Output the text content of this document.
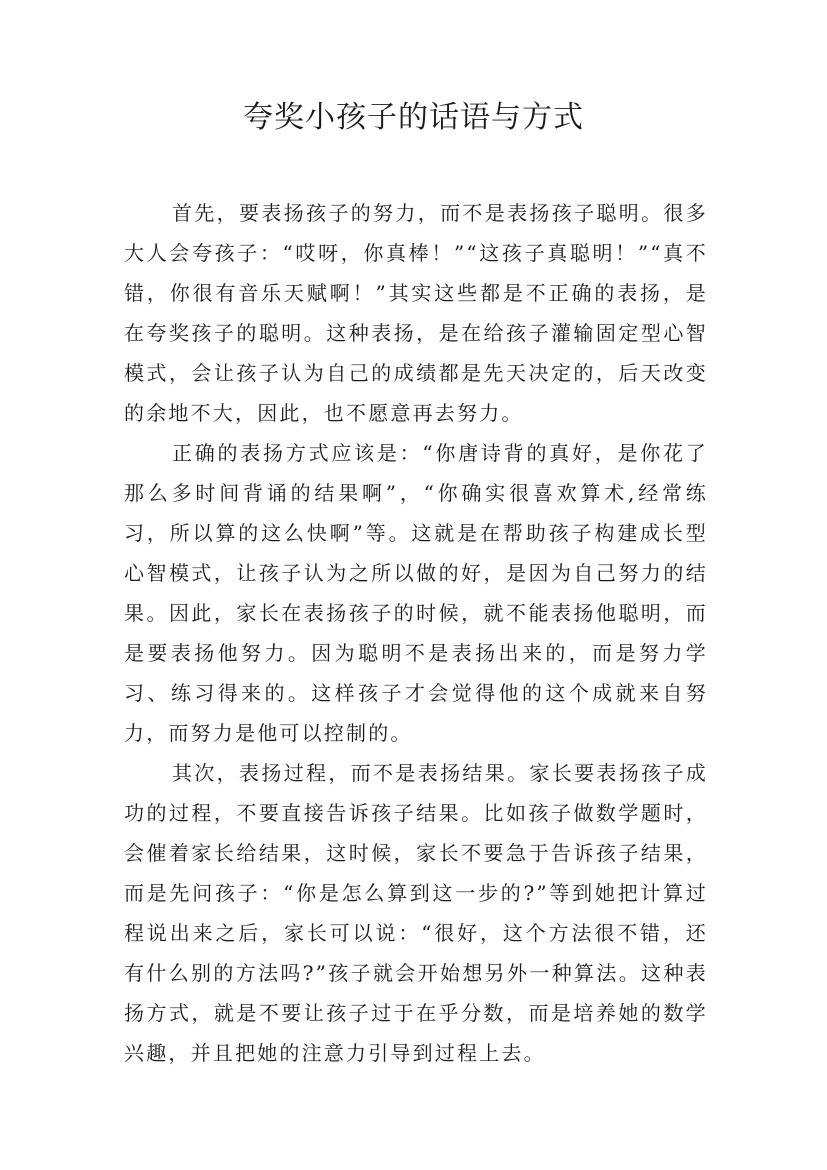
夸奖小孩子的话语与方式

首先，要表扬孩子的努力，而不是表扬孩子聪明。很多大人会夸孩子：“哎呀，你真棒！”“这孩子真聪明！”“真不错，你很有音乐天赋啊！”其实这些都是不正确的表扬，是在夸奖孩子的聪明。这种表扬，是在给孩子灌输固定型心智模式，会让孩子认为自己的成绩都是先天决定的，后天改变的余地不大，因此，也不愿意再去努力。

正确的表扬方式应该是：“你唐诗背的真好，是你花了那么多时间背诵的结果啊”，“你确实很喜欢算术,经常练习，所以算的这么快啊”等。这就是在帮助孩子构建成长型心智模式，让孩子认为之所以做的好，是因为自己努力的结果。因此，家长在表扬孩子的时候，就不能表扬他聪明，而是要表扬他努力。因为聪明不是表扬出来的，而是努力学习、练习得来的。这样孩子才会觉得他的这个成就来自努力，而努力是他可以控制的。

其次，表扬过程，而不是表扬结果。家长要表扬孩子成功的过程，不要直接告诉孩子结果。比如孩子做数学题时，会催着家长给结果，这时候，家长不要急于告诉孩子结果，而是先问孩子：“你是怎么算到这一步的?”等到她把计算过程说出来之后，家长可以说：“很好，这个方法很不错，还有什么别的方法吗?”孩子就会开始想另外一种算法。这种表扬方式，就是不要让孩子过于在乎分数，而是培养她的数学兴趣，并且把她的注意力引导到过程上去。
